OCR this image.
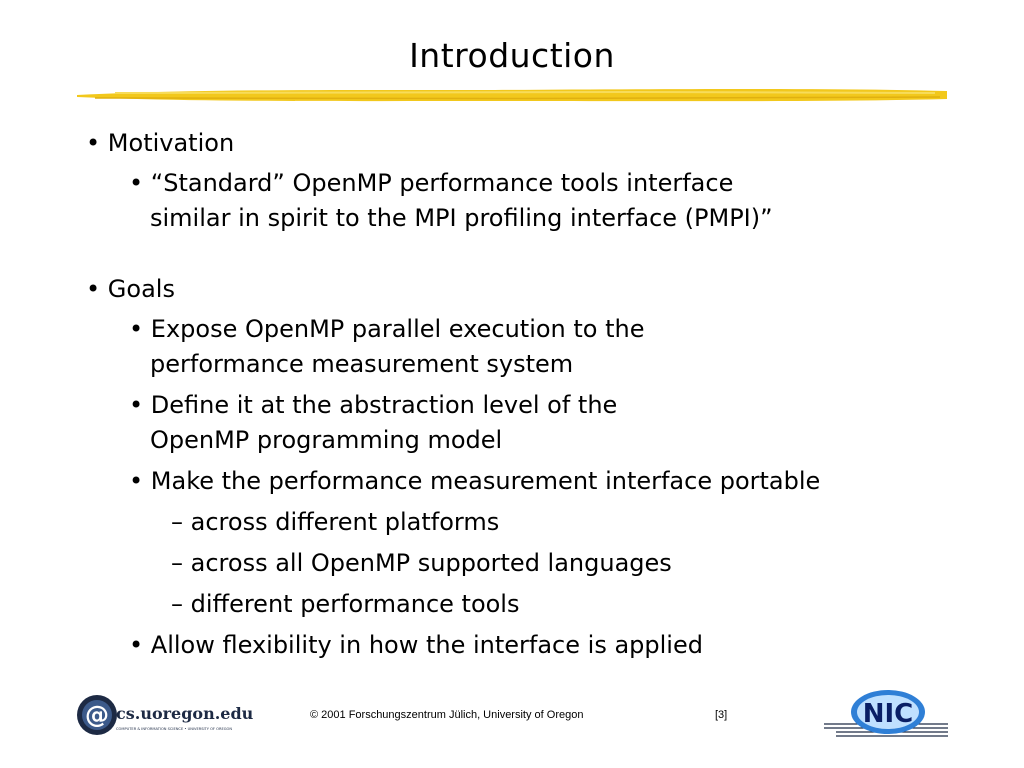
Introduction
• Motivation
• “Standard” OpenMP performance tools interface
similar in spirit to the MPI profiling interface (PMPI)”
• Goals
• Expose OpenMP parallel execution to the
performance measurement system
• Define it at the abstraction level of the
OpenMP programming model
• Make the performance measurement interface portable
– across different platforms
– across all OpenMP supported languages
– different performance tools
• Allow flexibility in how the interface is applied
@ cs.uoregon.edu
COMPUTER & INFORMATION SCIENCE • UNIVERSITY OF OREGON
© 2001 Forschungszentrum Jülich, University of Oregon	[3]	NIC
